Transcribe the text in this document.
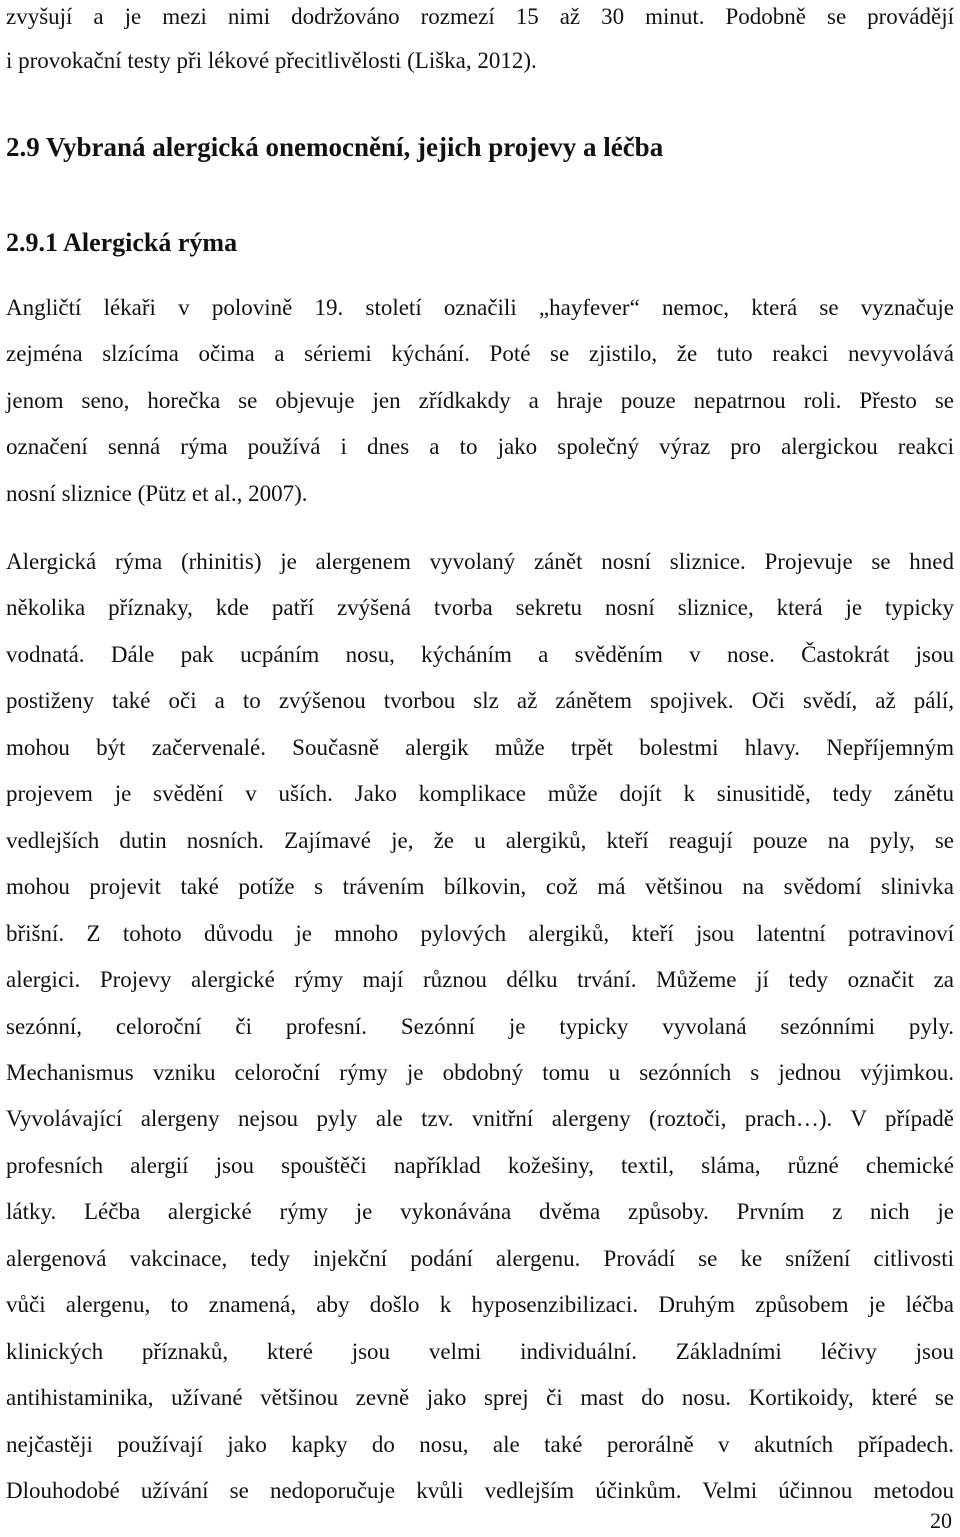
zvyšují a je mezi nimi dodržováno rozmezí 15 až 30 minut. Podobně se provádějí
i provokační testy při lékové přecitlivělosti (Liška, 2012).
2.9 Vybraná alergická onemocnění, jejich projevy a léčba
2.9.1 Alergická rýma
Angličtí lékaři v polovině 19. století označili „hayfever“ nemoc, která se vyznačuje
zejména slzícíma očima a sériemi kýchání. Poté se zjistilo, že tuto reakci nevyvolává
jenom seno, horečka se objevuje jen zřídkakdy a hraje pouze nepatrnou roli. Přesto se
označení senná rýma používá i dnes a to jako společný výraz pro alergickou reakci
nosní sliznice (Pütz et al., 2007).
Alergická rýma (rhinitis) je alergenem vyvolaný zánět nosní sliznice. Projevuje se hned
několika příznaky, kde patří zvýšená tvorba sekretu nosní sliznice, která je typicky
vodnatá. Dále pak ucpáním nosu, kýcháním a svěděním v nose. Častokrát jsou
postiženy také oči a to zvýšenou tvorbou slz až zánětem spojivek. Oči svědí, až pálí,
mohou být začervenalé. Současně alergik může trpět bolestmi hlavy. Nepříjemným
projevem je svědění v uších. Jako komplikace může dojít k sinusitidě, tedy zánětu
vedlejších dutin nosních. Zajímavé je, že u alergiků, kteří reagují pouze na pyly, se
mohou projevit také potíže s trávením bílkovin, což má většinou na svědomí slinivka
břišní. Z tohoto důvodu je mnoho pylových alergiků, kteří jsou latentní potravinoví
alergici. Projevy alergické rýmy mají různou délku trvání. Můžeme jí tedy označit za
sezónní, celoroční či profesní. Sezónní je typicky vyvolaná sezónními pyly.
Mechanismus vzniku celoroční rýmy je obdobný tomu u sezónních s jednou výjimkou.
Vyvolávající alergeny nejsou pyly ale tzv. vnitřní alergeny (roztoči, prach…). V případě
profesních alergií jsou spouštěči například kožešiny, textil, sláma, různé chemické
látky. Léčba alergické rýmy je vykonávána dvěma způsoby. Prvním z nich je
alergenová vakcinace, tedy injekční podání alergenu. Provádí se ke snížení citlivosti
vůči alergenu, to znamená, aby došlo k hyposenzibilizaci. Druhým způsobem je léčba
klinických příznaků, které jsou velmi individuální. Základními léčivy jsou
antihistaminika, užívané většinou zevně jako sprej či mast do nosu. Kortikoidy, které se
nejčastěji používají jako kapky do nosu, ale také perorálně v akutních případech.
Dlouhodobé užívání se nedoporučuje kvůli vedlejším účinkům. Velmi účinnou metodou
20
